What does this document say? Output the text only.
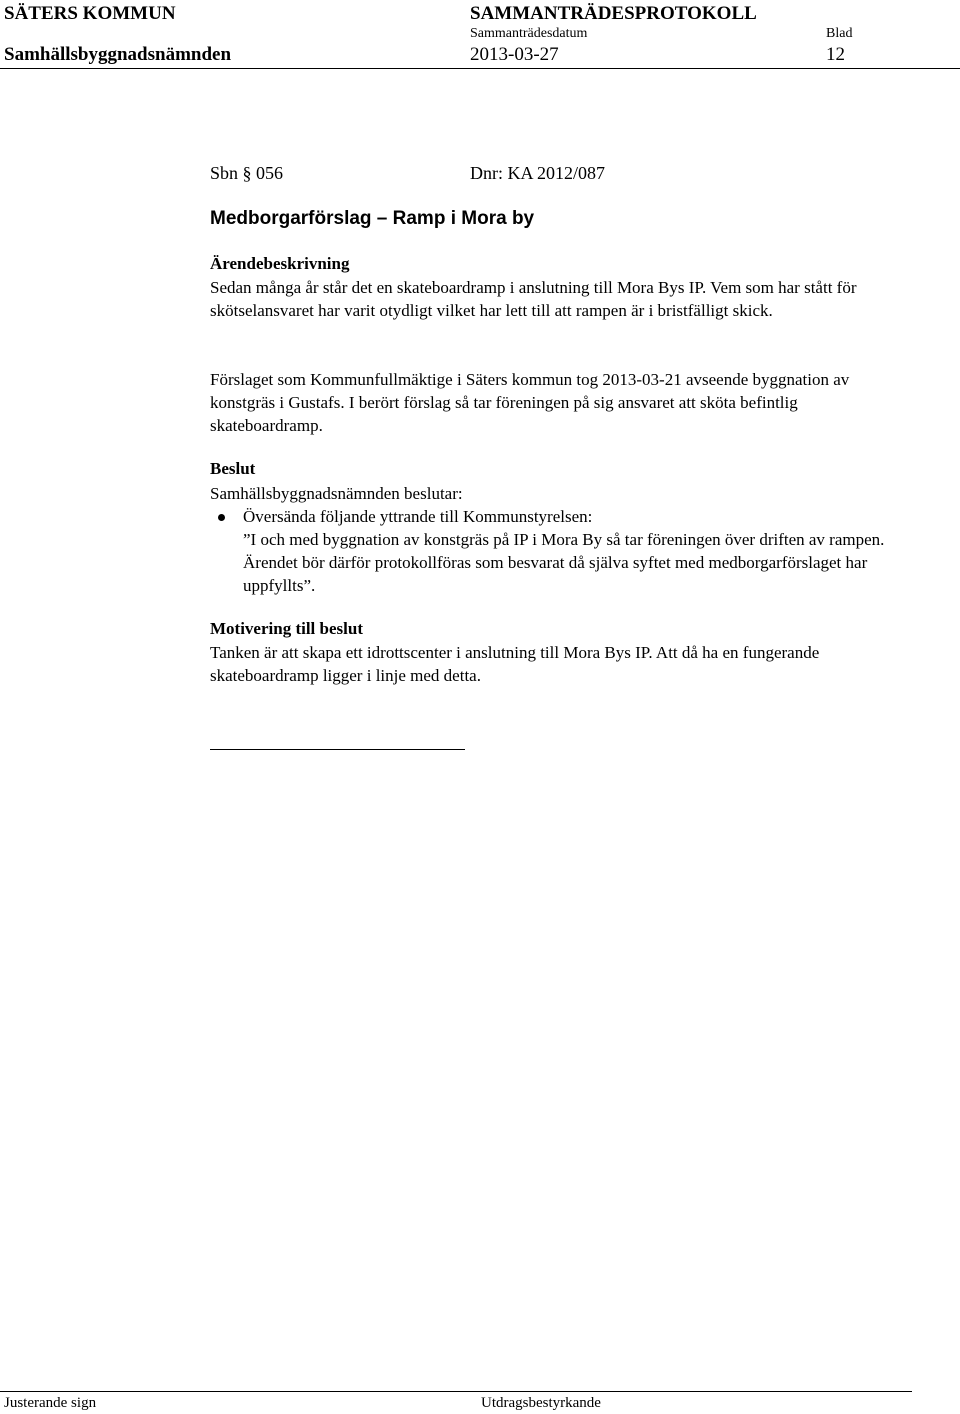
SÄTERS KOMMUN	SAMMANTRÄDESPROTOKOLL
Sammanträdesdatum	Blad
Samhällsbyggnadsnämnden	2013-03-27	12
Sbn § 056	Dnr: KA 2012/087
Medborgarförslag – Ramp i Mora by
Ärendebeskrivning

Sedan många år står det en skateboardramp i anslutning till Mora Bys IP. Vem som har stått för skötselansvaret har varit otydligt vilket har lett till att rampen är i bristfälligt skick.

Förslaget som Kommunfullmäktige i Säters kommun tog 2013-03-21 avseende byggnation av konstgräs i Gustafs. I berört förslag så tar föreningen på sig ansvaret att sköta befintlig skateboardramp.

Beslut
Samhällsbyggnadsnämnden beslutar:
Översända följande yttrande till Kommunstyrelsen:

”I och med byggnation av konstgräs på IP i Mora By så tar föreningen över driften av rampen. Ärendet bör därför protokollföras som besvarat då själva syftet med medborgarförslaget har uppfyllts”.

Motivering till beslut

Tanken är att skapa ett idrottscenter i anslutning till Mora Bys IP. Att då ha en fungerande skateboardramp ligger i linje med detta.

Justerande sign	Utdragsbestyrkande
